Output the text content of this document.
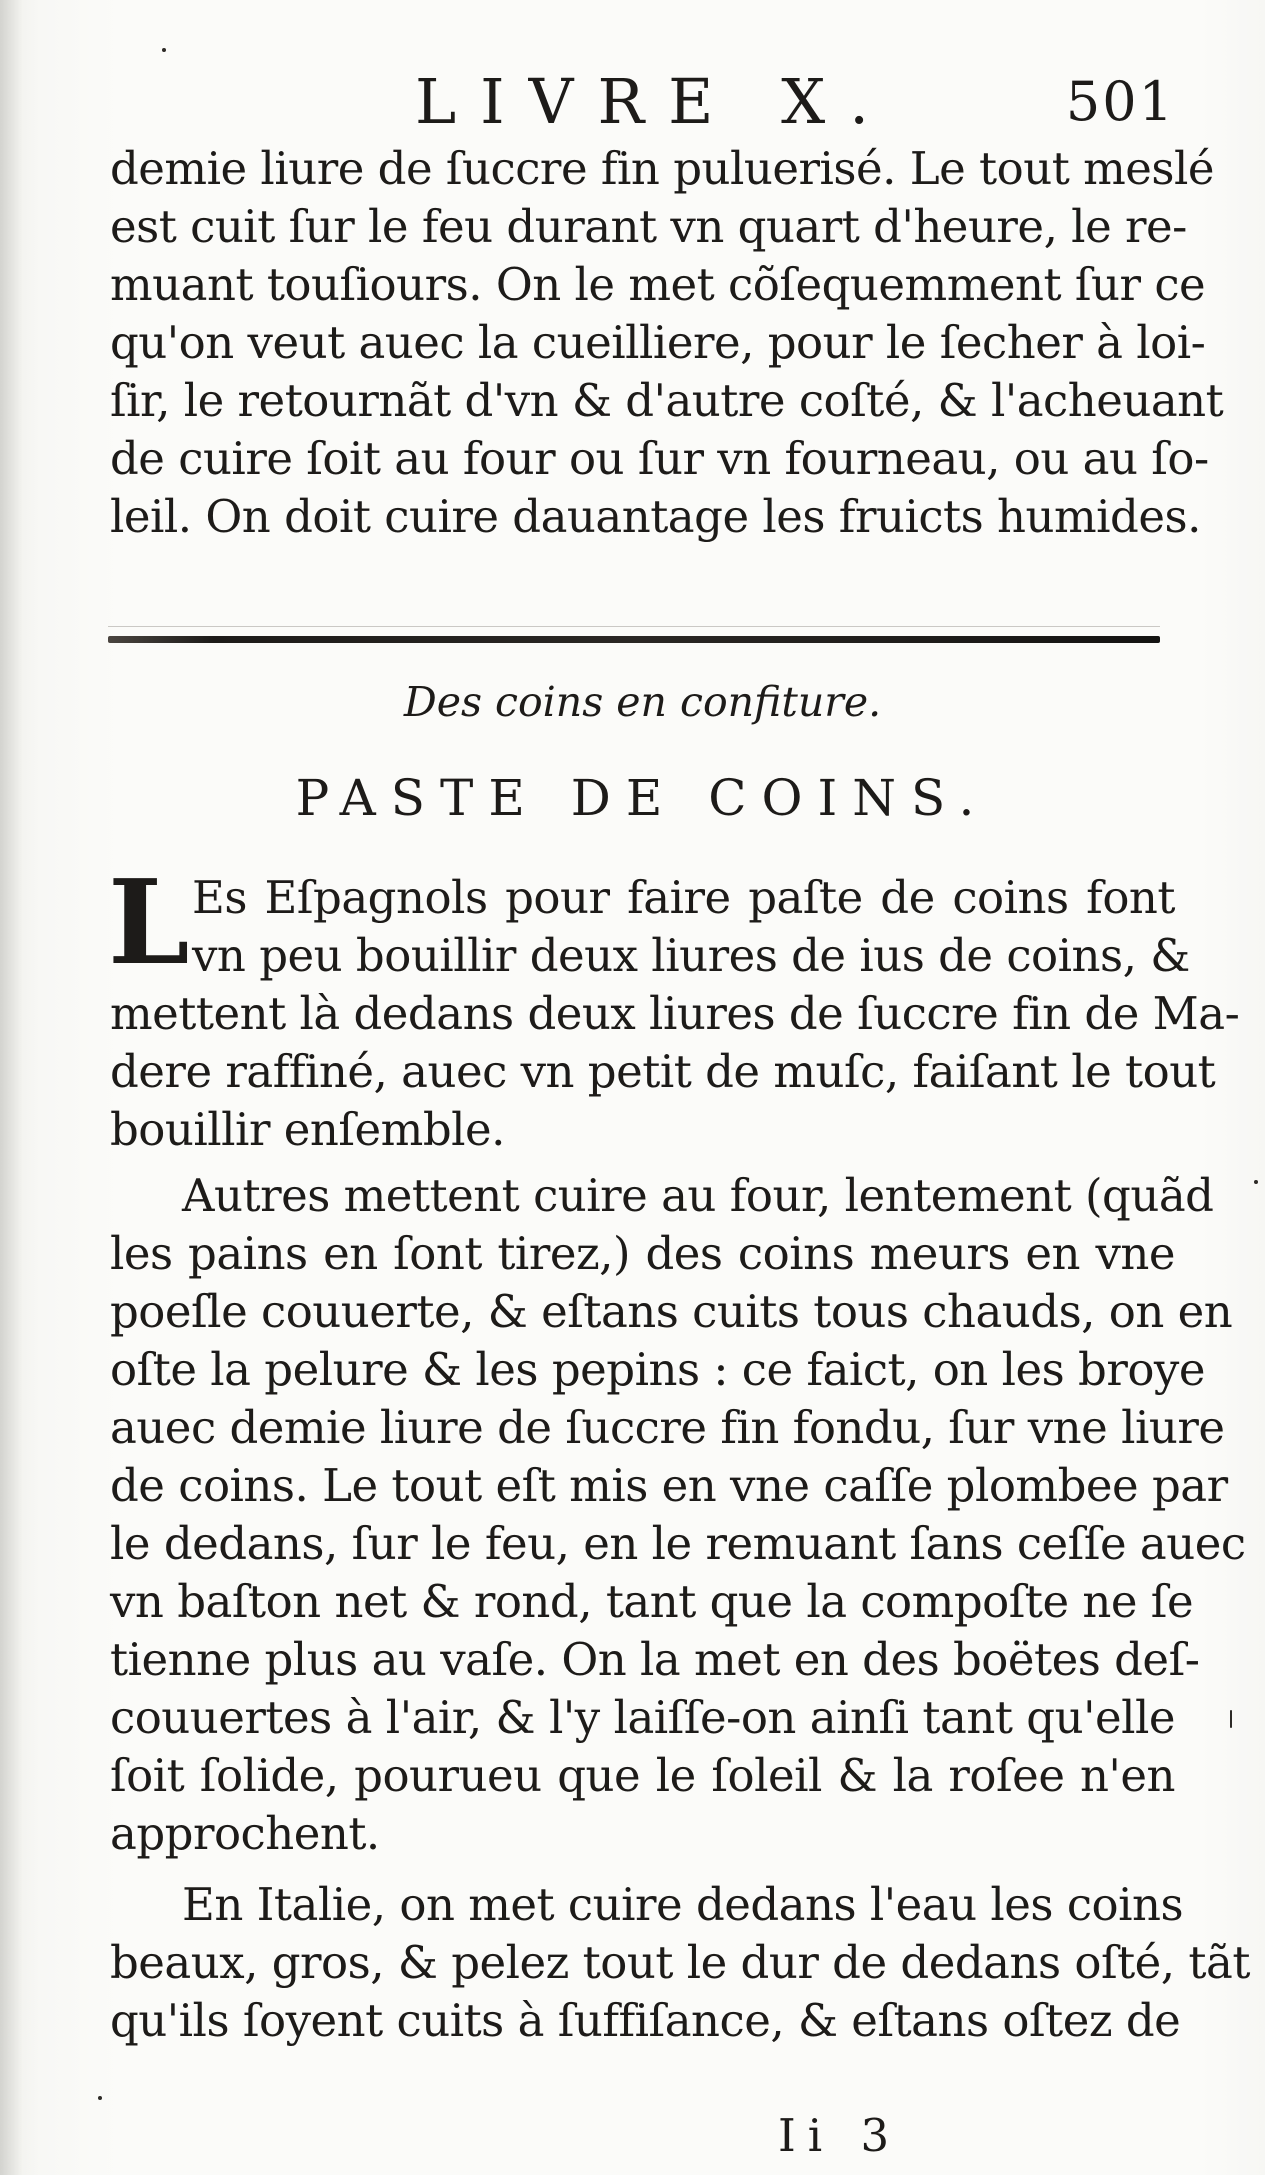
LIVRE X.	501
demie liure de ſuccre fin puluerisé. Le tout meslé
est cuit ſur le feu durant vn quart d'heure, le re-
muant touſiours. On le met cõſequemment ſur ce
qu'on veut auec la cueilliere, pour le ſecher à loi-
ſir, le retournãt d'vn & d'autre coſté, & l'acheuant
de cuire ſoit au four ou ſur vn fourneau, ou au ſo-
leil. On doit cuire dauantage les fruicts humides.
Des coins en confiture.
PASTE DE COINS.
L Es Eſpagnols pour faire paſte de coins font
vn peu bouillir deux liures de ius de coins, &
mettent là dedans deux liures de ſuccre fin de Ma-
dere raffiné, auec vn petit de muſc, faiſant le tout
bouillir enſemble.
Autres mettent cuire au four, lentement (quãd
les pains en ſont tirez,) des coins meurs en vne
poeſle couuerte, & eſtans cuits tous chauds, on en
oſte la pelure & les pepins : ce faict, on les broye
auec demie liure de ſuccre fin fondu, ſur vne liure
de coins. Le tout eſt mis en vne caſſe plombee par
le dedans, ſur le feu, en le remuant ſans ceſſe auec
vn baſton net & rond, tant que la compoſte ne ſe
tienne plus au vaſe. On la met en des boëtes deſ-
couuertes à l'air, & l'y laiſſe-on ainſi tant qu'elle
ſoit ſolide, pourueu que le ſoleil & la roſee n'en
approchent.
En Italie, on met cuire dedans l'eau les coins
beaux, gros, & pelez tout le dur de dedans oſté, tãt
qu'ils ſoyent cuits à ſuffiſance, & eſtans oſtez de
Ii 3
